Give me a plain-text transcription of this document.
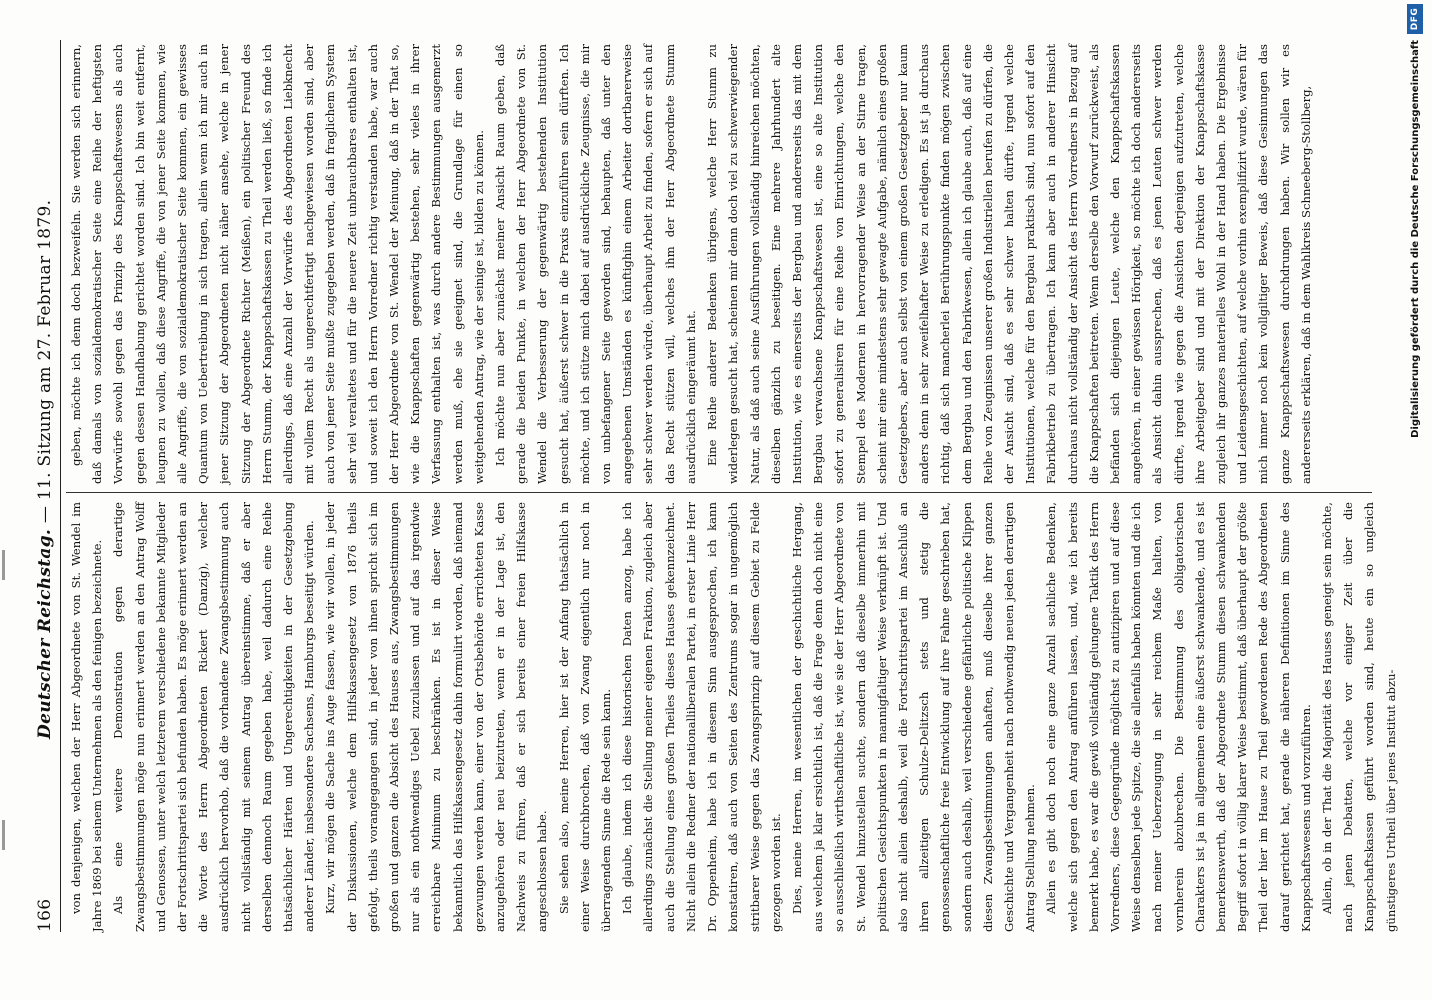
166
Deutscher Reichstag. — 11. Sitzung am 27. Februar 1879.

von denjenigen, welchen der Herr Abgeordnete von St. Wendel im Jahre 1869 bei seinem Unternehmen als den feinigen bezeichnete. Als eine weitere Demonstration gegen derartige Zwangsbestimmungen möge nun erinnert werden an den Antrag Wolff und Genossen, unter welch letzterem verschiedene bekannte Mitglieder der Fortschrittspartei sich befunden haben. Es möge erinnert werden an die Worte des Herrn Abgeordneten Rickert (Danzig), welcher ausdrücklich hervorhob, daß die vorhandene Zwangsbestimmung auch nicht vollständig mit seinem Antrag übereinstimme, daß er aber derselben dennoch Raum gegeben habe, weil dadurch eine Reihe thatsächlicher Härten und Ungerechtigkeiten in der Gesetzgebung anderer Länder, insbesondere Sachsens, Hamburgs beseitigt würden. Kurz, wir mögen die Sache ins Auge fassen, wie wir wollen, in jeder der Diskussionen, welche dem Hilfskassengesetz von 1876 theils gefolgt, theils vorangegangen sind, in jeder von ihnen spricht sich im großen und ganzen die Absicht des Hauses aus, Zwangsbestimmungen nur als ein nothwendiges Uebel zuzulassen und auf das irgendwie erreichbare Minimum zu beschränken. Es ist in dieser Weise bekanntlich das Hilfskassengesetz dahin formulirt worden, daß niemand gezwungen werden kann, einer von der Ortsbehörde errichteten Kasse anzugehören oder neu beizutreten, wenn er in der Lage ist, den Nachweis zu führen, daß er sich bereits einer freien Hilfskasse angeschlossen habe. Sie sehen also, meine Herren, hier ist der Anfang thatsächlich in einer Weise durchbrochen, daß von Zwang eigentlich nur noch in überragendem Sinne die Rede sein kann. Ich glaube, indem ich diese historischen Daten anzog, habe ich allerdings zunächst die Stellung meiner eigenen Fraktion, zugleich aber auch die Stellung eines großen Theiles dieses Hauses gekennzeichnet. Nicht allein die Redner der nationalliberalen Partei, in erster Linie Herr Dr. Oppenheim, habe ich in diesem Sinn ausgesprochen, ich kann konstatiren, daß auch von Seiten des Zentrums sogar in ungemöglich stritbarer Weise gegen das Zwangsprinzip auf diesem Gebiet zu Felde gezogen worden ist. Dies, meine Herren, im wesentlichen der geschichtliche Hergang, aus welchem ja klar ersichtlich ist, daß die Frage denn doch nicht eine so ausschließlich wirthschaftliche ist, wie sie der Herr Abgeordnete von St. Wendel hinzustellen suchte, sondern daß dieselbe immerhin mit politischen Gesichtspunkten in mannigfaltiger Weise verknüpft ist. Und also nicht allein deshalb, weil die Fortschrittspartei im Anschluß an ihren allzeitigen Schulze-Delitzsch stets und stetig die genossenschaftliche freie Entwicklung auf ihre Fahne geschrieben hat, sondern auch deshalb, weil verschiedene gefährliche politische Klippen diesen Zwangsbestimmungen anhaften, muß dieselbe ihrer ganzen Geschichte und Vergangenheit nach nothwendig neuen jeden derartigen Antrag Stellung nehmen. Allein es gibt doch noch eine ganze Anzahl sachliche Bedenken, welche sich gegen den Antrag anführen lassen, und, wie ich bereits bemerkt habe, es war die gewiß vollständig gelungene Taktik des Herrn Vorredners, diese Gegengründe möglichst zu antizipiren und auf diese Weise denselben jede Spitze, die sie allenfalls haben könnten und die ich nach meiner Ueberzeugung in sehr reichem Maße halten, von vornherein abzubrechen. Die Bestimmung des obligatorischen Charakters ist ja im allgemeinen eine äußerst schwankende, und es ist bemerkenswerth, daß der Abgeordnete Stumm diesen schwankenden Begriff sofort in völlig klarer Weise bestimmt, daß überhaupt der größte Theil der hier im Hause zu Theil gewordenen Rede des Abgeordneten darauf gerichtet hat, gerade die näheren Definitionen im Sinne des Knappschaftswesens und vorzuführen. Allein, ob in der That die Majorität des Hauses geneigt sein möchte, nach jenen Debatten, welche vor einiger Zeit über die Knappschaftskassen geführt worden sind, heute ein so ungleich günstigeres Urtheil über jenes Institut abzu-

geben, möchte ich denn doch bezweifeln. Sie werden sich erinnern, daß damals von sozialdemokratischer Seite eine Reihe der heftigsten Vorwürfe sowohl gegen das Prinzip des Knappschaftswesens als auch gegen dessen Handhabung gerichtet worden sind. Ich bin weit entfernt, leugnen zu wollen, daß diese Angriffe, die von jener Seite kommen, wie alle Angriffe, die von sozialdemokratischer Seite kommen, ein gewisses Quantum von Uebertreibung in sich tragen, allein wenn ich mir auch in jener Sitzung der Abgeordneten nicht näher ansehe, welche in jener Sitzung der Abgeordnete Richter (Meißen), ein politischer Freund des Herrn Stumm, der Knappschaftskassen zu Theil werden ließ, so finde ich allerdings, daß eine Anzahl der Vorwürfe des Abgeordneten Liebknecht mit vollem Recht als ungerechtfertigt nachgewiesen worden sind, aber auch von jener Seite mußte zugegeben werden, daß in fraglichem System sehr viel veraltetes und für die neuere Zeit unbrauchbares enthalten ist, und soweit ich den Herrn Vorredner richtig verstanden habe, war auch der Herr Abgeordnete von St. Wendel der Meinung, daß in der That so, wie die Knappschaften gegenwärtig bestehen, sehr vieles in ihrer Verfassung enthalten ist, was durch andere Bestimmungen ausgemerzt werden muß, ehe sie geeignet sind, die Grundlage für einen so weitgehenden Antrag, wie der seinige ist, bilden zu können. Ich möchte nun aber zunächst meiner Ansicht Raum geben, daß gerade die beiden Punkte, in welchen der Herr Abgeordnete von St. Wendel die Verbesserung der gegenwärtig bestehenden Institution gesucht hat, äußerst schwer in die Praxis einzuführen sein dürften. Ich möchte, und ich stütze mich dabei auf ausdrückliche Zeugnisse, die mir von unbefangener Seite geworden sind, behaupten, daß unter den angegebenen Umständen es künftighin einem Arbeiter dortbarerweise sehr schwer werden würde, überhaupt Arbeit zu finden, sofern er sich auf das Recht stützen will, welches ihm der Herr Abgeordnete Stumm ausdrücklich eingeräumt hat. Eine Reihe anderer Bedenken übrigens, welche Herr Stumm zu widerlegen gesucht hat, scheinen mir denn doch viel zu schwerwiegender Natur, als daß auch seine Ausführungen vollständig hinreichen möchten, dieselben gänzlich zu beseitigen. Eine mehrere Jahrhundert alte Institution, wie es einerseits der Bergbau und andererseits das mit dem Bergbau verwachsene Knappschaftswesen ist, eine so alte Institution sofort zu generalisiren für eine Reihe von Einrichtungen, welche den Stempel des Modernen in hervorragender Weise an der Stirne tragen, scheint mir eine mindestens sehr gewagte Aufgabe, nämlich eines großen Gesetzgebers, aber auch selbst von einem großen Gesetzgeber nur kaum anders denn in sehr zweifelhafter Weise zu erledigen. Es ist ja durchaus richtig, daß sich mancherlei Berührungspunkte finden mögen zwischen dem Bergbau und den Fabrikwesen, allein ich glaube auch, daß auf eine Reihe von Zeugnissen unserer großen Industriellen berufen zu dürfen, die der Ansicht sind, daß es sehr schwer halten dürfte, irgend welche Institutionen, welche für den Bergbau praktisch sind, nun sofort auf den Fabrikbetrieb zu übertragen. Ich kann aber auch in anderer Hinsicht durchaus nicht vollständig der Ansicht des Herrn Vorredners in Bezug auf die Knappschaften beitreten. Wenn derselbe den Vorwurf zurückweist, als befänden sich diejenigen Leute, welche den Knappschaftskassen angehören, in einer gewissen Hörigkeit, so möchte ich doch andererseits als Ansicht dahin aussprechen, daß es jenen Leuten schwer werden dürfte, irgend wie gegen die Ansichten derjenigen aufzutreten, welche ihre Arbeitgeber sind und mit der Direktion der Knappschaftskasse zugleich ihr ganzes materielles Wohl in der Hand haben. Die Ergebnisse und Leidensgeschichten, auf welche vorhin exemplifizirt wurde, wären für mich immer noch kein vollgiltiger Beweis, daß diese Gesinnungen das ganze Knappschaftswesen durchdrungen haben. Wir sollen wir es andererseits erklären, daß in dem Wahlkreis Schneeberg-Stollberg,	Digitalisierung gefördert durch die Deutsche Forschungsgemeinschaft
DFG
